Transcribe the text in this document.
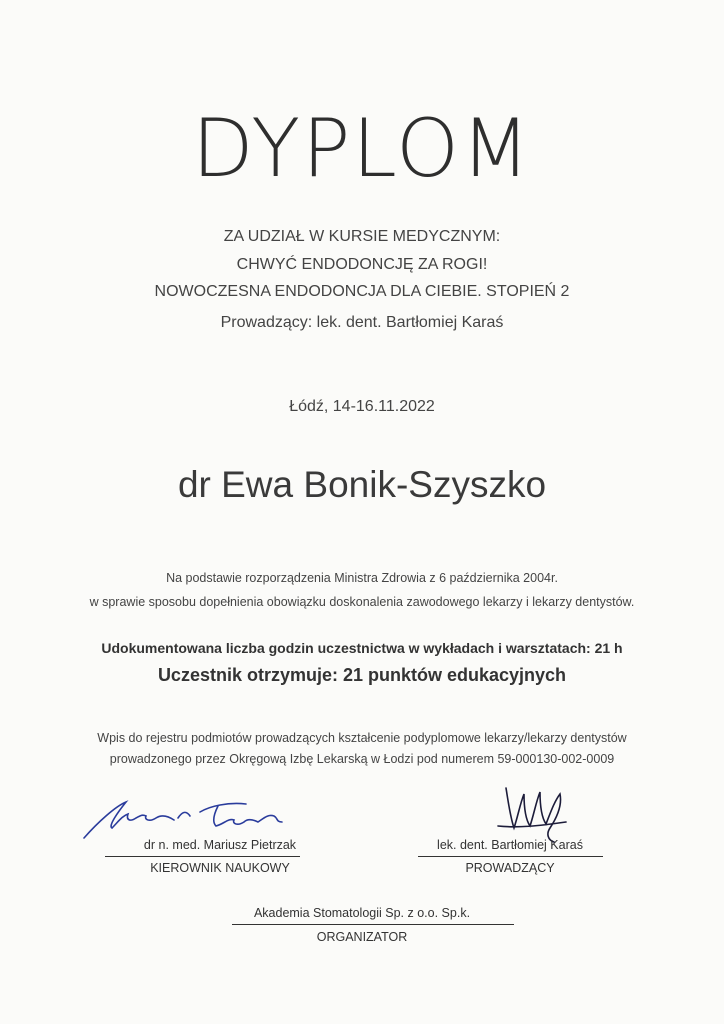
DYPLOM
ZA UDZIAŁ W KURSIE MEDYCZNYM:
CHWYĆ ENDODONCJĘ ZA ROGI!
NOWOCZESNA ENDODONCJA DLA CIEBIE. STOPIEŃ 2
Prowadzący: lek. dent. Bartłomiej Karaś
Łódź, 14-16.11.2022
dr Ewa Bonik-Szyszko
Na podstawie rozporządzenia Ministra Zdrowia z 6 października 2004r.
w sprawie sposobu dopełnienia obowiązku doskonalenia zawodowego lekarzy i lekarzy dentystów.
Udokumentowana liczba godzin uczestnictwa w wykładach i warsztatach: 21 h
Uczestnik otrzymuje: 21 punktów edukacyjnych
Wpis do rejestru podmiotów prowadzących kształcenie podyplomowe lekarzy/lekarzy dentystów
prowadzonego przez Okręgową Izbę Lekarską w Łodzi pod numerem 59-000130-002-0009
dr n. med. Mariusz Pietrzak
KIEROWNIK NAUKOWY
lek. dent. Bartłomiej Karaś
PROWADZĄCY
Akademia Stomatologii Sp. z o.o. Sp.k.
ORGANIZATOR
